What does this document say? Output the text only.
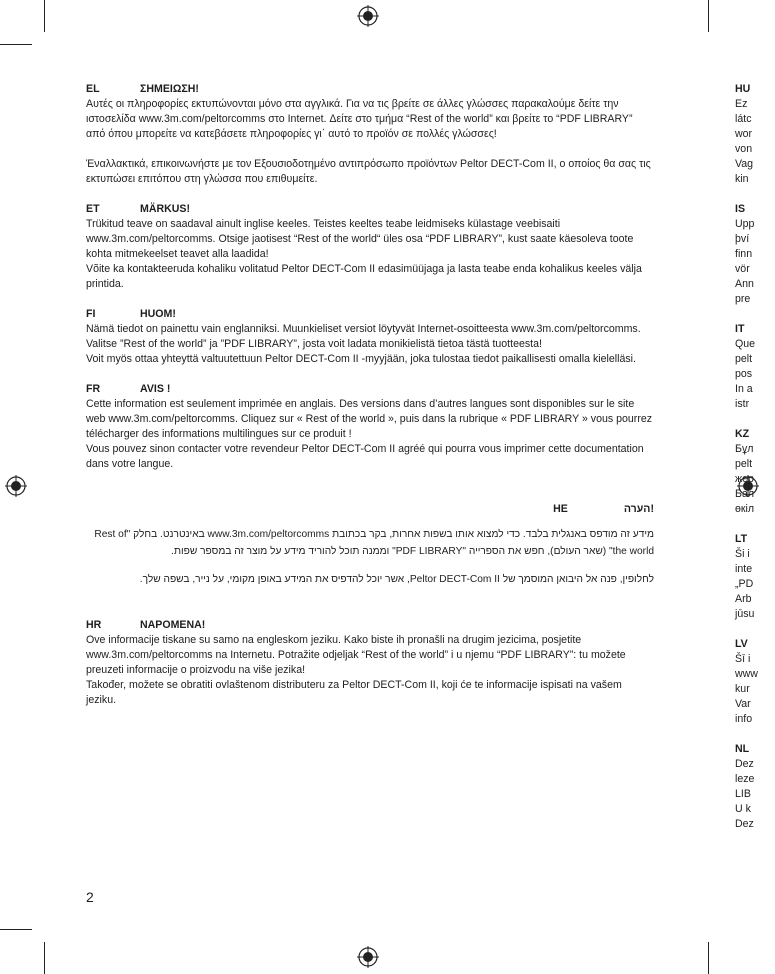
EL	ΣΗΜΕΙΩΣΗ!

Αυτές οι πληροφορίες εκτυπώνονται μόνο στα αγγλικά. Για να τις βρείτε σε άλλες γλώσσες παρακαλούμε δείτε την ιστοσελίδα www.3m.com/peltorcomms στο Internet. Δείτε στο τμήμα “Rest of the world” και βρείτε το “PDF LIBRARY” από όπου μπορείτε να κατεβάσετε πληροφορίες γι΄ αυτό το προϊόν σε πολλές γλώσσες!

Έναλλακτικά, επικοινωνήστε με τον Εξουσιοδοτημένο αντιπρόσωπο προϊόντων Peltor DECT-Com II, ο οποίος θα σας τις εκτυπώσει επιτόπου στη γλώσσα που επιθυμείτε.

ET	MÄRKUS!

Trükitud teave on saadaval ainult inglise keeles. Teistes keeltes teabe leidmiseks külastage veebisaiti www.3m.com/peltorcomms. Otsige jaotisest “Rest of the world“ üles osa “PDF LIBRARY”, kust saate käesoleva toote kohta mitmekeelset teavet alla laadida!

Võite ka kontakteeruda kohaliku volitatud Peltor DECT-Com II edasimüüjaga ja lasta teabe enda kohalikus keeles välja printida.

FI	HUOM!

Nämä tiedot on painettu vain englanniksi. Muunkieliset versiot löytyvät Internet-osoitteesta www.3m.com/peltorcomms. Valitse ”Rest of the world” ja ”PDF LIBRARY”, josta voit ladata monikielistä tietoa tästä tuotteesta!

Voit myös ottaa yhteyttä valtuutettuun Peltor DECT-Com II -myyjään, joka tulostaa tiedot paikallisesti omalla kielelläsi.

FR	AVIS !

Cette information est seulement imprimée en anglais. Des versions dans d’autres langues sont disponibles sur le site web www.3m.com/peltorcomms. Cliquez sur « Rest of the world », puis dans la rubrique « PDF LIBRARY » vous pourrez télécharger des informations multilingues sur ce produit !

Vous pouvez sinon contacter votre revendeur Peltor DECT-Com II agréé qui pourra vous imprimer cette documentation dans votre langue.

HE	!הערה

מידע זה מודפס באנגלית בלבד. כדי למצוא אותו בשפות אחרות, בקר בכתובת www.3m.com/peltorcomms באינטרנט. בחלק "Rest of the world" (שאר העולם), חפש את הספרייה "PDF LIBRARY" וממנה תוכל להוריד מידע על מוצר זה במספר שפות.

לחלופין, פנה אל היבואן המוסמך של Peltor DECT-Com II, אשר יוכל להדפיס את המידע באופן מקומי, על נייר, בשפה שלך.

HR	NAPOMENA!

Ove informacije tiskane su samo na engleskom jeziku. Kako biste ih pronašli na drugim jezicima, posjetite www.3m.com/peltorcomms na Internetu. Potražite odjeljak “Rest of the world” i u njemu “PDF LIBRARY”: tu možete preuzeti informacije o proizvodu na više jezika!

Također, možete se obratiti ovlaštenom distributeru za Peltor DECT-Com II, koji će te informacije ispisati na vašem jeziku.

HU
Ez
látc
wor
von
Vag
kin
IS
Upp
því
finn
vör
Ann
pre
IT
Que
pelt
pos
In a
istr
KZ
Бұл
pelt
жер
Бал
өкіл
LT
Ši i
inte
„PD
Arb
jūsu
LV
Šī i
www
kur
Var
info
NL
Dez
leze
LIB
U k
Dez
2
